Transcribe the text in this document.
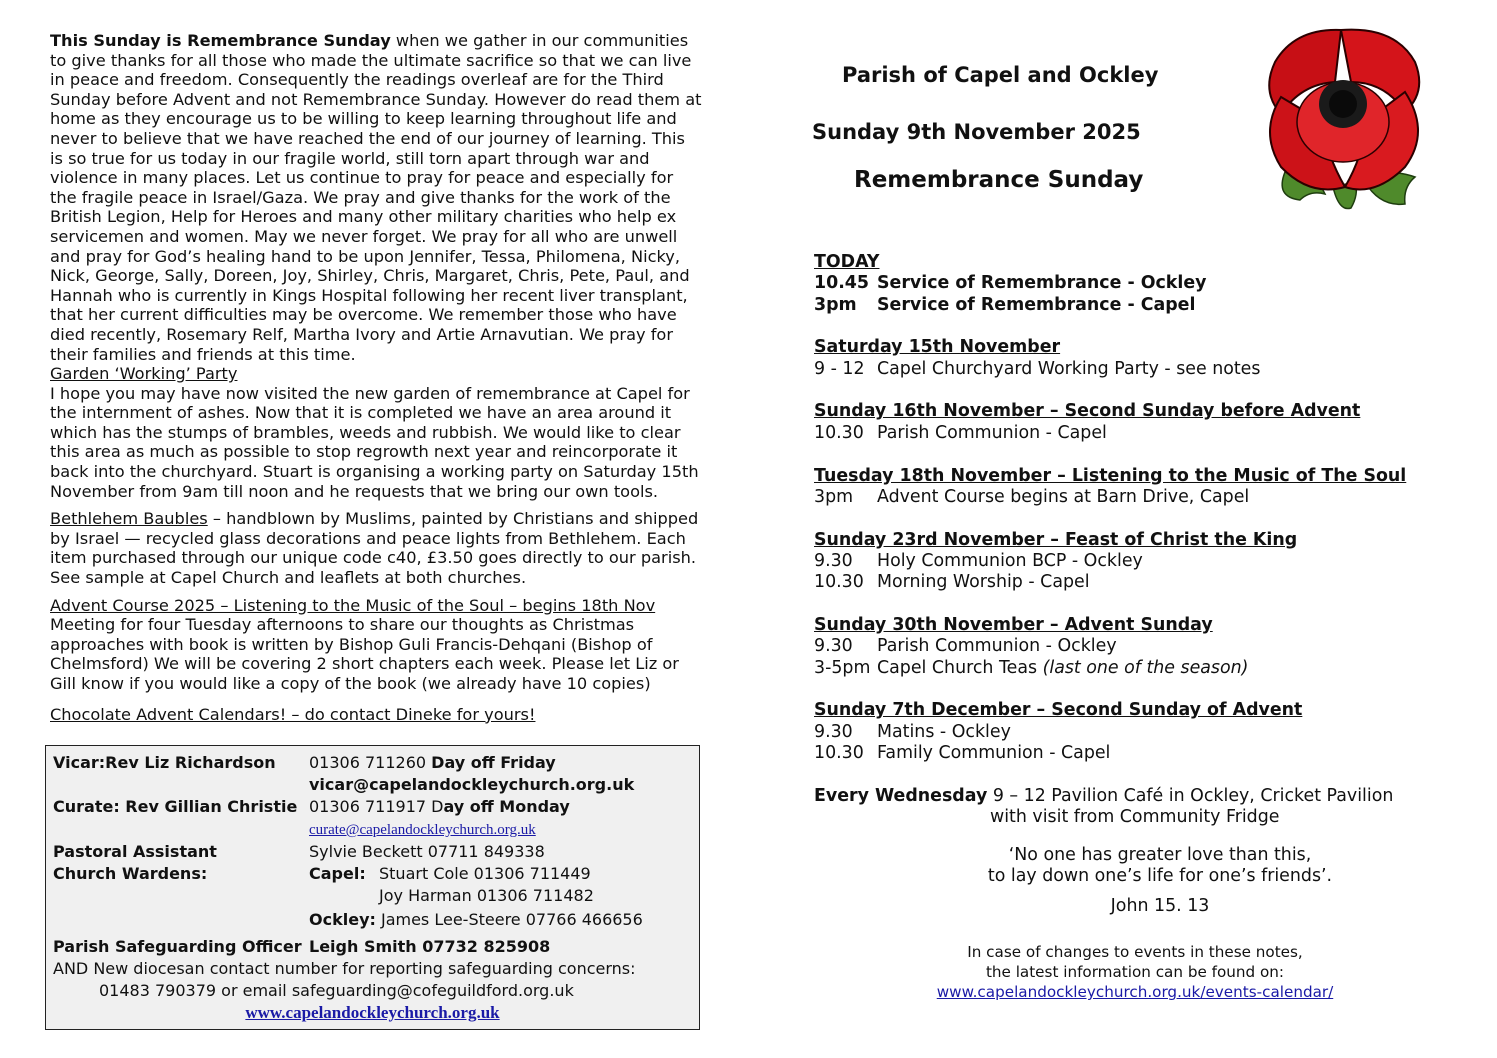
This Sunday is Remembrance Sunday when we gather in our communities to give thanks for all those who made the ultimate sacrifice so that we can live in peace and freedom. Consequently the readings overleaf are for the Third Sunday before Advent and not Remembrance Sunday. However do read them at home as they encourage us to be willing to keep learning throughout life and never to believe that we have reached the end of our journey of learning. This is so true for us today in our fragile world, still torn apart through war and violence in many places. Let us continue to pray for peace and especially for the fragile peace in Israel/Gaza. We pray and give thanks for the work of the British Legion, Help for Heroes and many other military charities who help ex servicemen and women. May we never forget. We pray for all who are unwell and pray for God’s healing hand to be upon Jennifer, Tessa, Philomena, Nicky, Nick, George, Sally, Doreen, Joy, Shirley, Chris, Margaret, Chris, Pete, Paul, and Hannah who is currently in Kings Hospital following her recent liver transplant, that her current difficulties may be overcome. We remember those who have died recently, Rosemary Relf, Martha Ivory and Artie Arnavutian. We pray for their families and friends at this time.

Garden ‘Working’ Party

I hope you may have now visited the new garden of remembrance at Capel for the internment of ashes. Now that it is completed we have an area around it which has the stumps of brambles, weeds and rubbish. We would like to clear this area as much as possible to stop regrowth next year and reincorporate it back into the churchyard. Stuart is organising a working party on Saturday 15th November from 9am till noon and he requests that we bring our own tools.

Bethlehem Baubles – handblown by Muslims, painted by Christians and shipped by Israel — recycled glass decorations and peace lights from Bethlehem. Each item purchased through our unique code c40, £3.50 goes directly to our parish. See sample at Capel Church and leaflets at both churches.

Advent Course 2025 – Listening to the Music of the Soul – begins 18th Nov

Meeting for four Tuesday afternoons to share our thoughts as Christmas approaches with book is written by Bishop Guli Francis-Dehqani (Bishop of Chelmsford) We will be covering 2 short chapters each week. Please let Liz or Gill know if you would like a copy of the book (we already have 10 copies)

Chocolate Advent Calendars! – do contact Dineke for yours!

Vicar:Rev Liz Richardson	01306 711260 Day off Friday
vicar@capelandockleychurch.org.uk
Curate: Rev Gillian Christie 01306 711917 Day off Monday
curate@capelandockleychurch.org.uk
Pastoral Assistant	Sylvie Beckett 07711 849338
Church Wardens:	Capel: Stuart Cole 01306 711449
Joy Harman 01306 711482
Ockley: James Lee-Steere 07766 466656
Parish Safeguarding Officer Leigh Smith 07732 825908
AND New diocesan contact number for reporting safeguarding concerns:
01483 790379 or email safeguarding@cofeguildford.org.uk
www.capelandockleychurch.org.uk
Parish of Capel and Ockley
Sunday 9th November 2025
Remembrance Sunday
TODAY
10.45 Service of Remembrance - Ockley
3pm	Service of Remembrance - Capel
Saturday 15th November
9 - 12 Capel Churchyard Working Party - see notes
Sunday 16th November – Second Sunday before Advent
10.30 Parish Communion - Capel
Tuesday 18th November – Listening to the Music of The Soul
3pm	Advent Course begins at Barn Drive, Capel
Sunday 23rd November – Feast of Christ the King
9.30	Holy Communion BCP - Ockley
10.30 Morning Worship - Capel
Sunday 30th November – Advent Sunday
9.30	Parish Communion - Ockley
3-5pm Capel Church Teas (last one of the season)
Sunday 7th December – Second Sunday of Advent
9.30	Matins - Ockley
10.30 Family Communion - Capel
Every Wednesday 9 – 12 Pavilion Café in Ockley, Cricket Pavilion
with visit from Community Fridge
‘No one has greater love than this,
to lay down one’s life for one’s friends’.
John 15. 13
In case of changes to events in these notes,
the latest information can be found on:
www.capelandockleychurch.org.uk/events-calendar/
